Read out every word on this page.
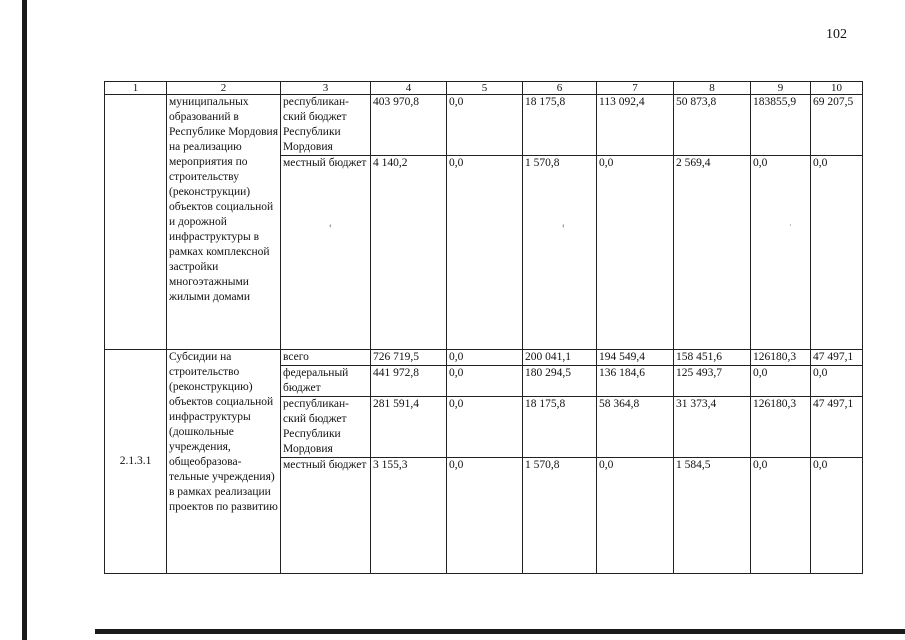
102
1	2	3	4	5	6	7	8	9	10
	муниципальных образований в Республике Мордовия на реализацию мероприятия по строительству (реконструкции) объектов социальной и дорожной инфраструктуры в рамках комплексной застройки многоэтажными жилыми домами	республикан-ский бюджет Республики Мордовия	403 970,8	0,0	18 175,8	113 092,4	50 873,8	183855,9	69 207,5
		местный бюджет	4 140,2	0,0	1 570,8	0,0	2 569,4	0,0	0,0
2.1.3.1	Субсидии на строительство (реконструкцию) объектов социальной инфраструктуры (дошкольные учреждения, общеобразова-тельные учреждения) в рамках реализации проектов по развитию	всего	726 719,5	0,0	200 041,1	194 549,4	158 451,6	126180,3	47 497,1
		федеральный бюджет	441 972,8	0,0	180 294,5	136 184,6	125 493,7	0,0	0,0
		республикан-ский бюджет Республики Мордовия	281 591,4	0,0	18 175,8	58 364,8	31 373,4	126180,3	47 497,1
		местный бюджет	3 155,3	0,0	1 570,8	0,0	1 584,5	0,0	0,0
‹	‹	·
